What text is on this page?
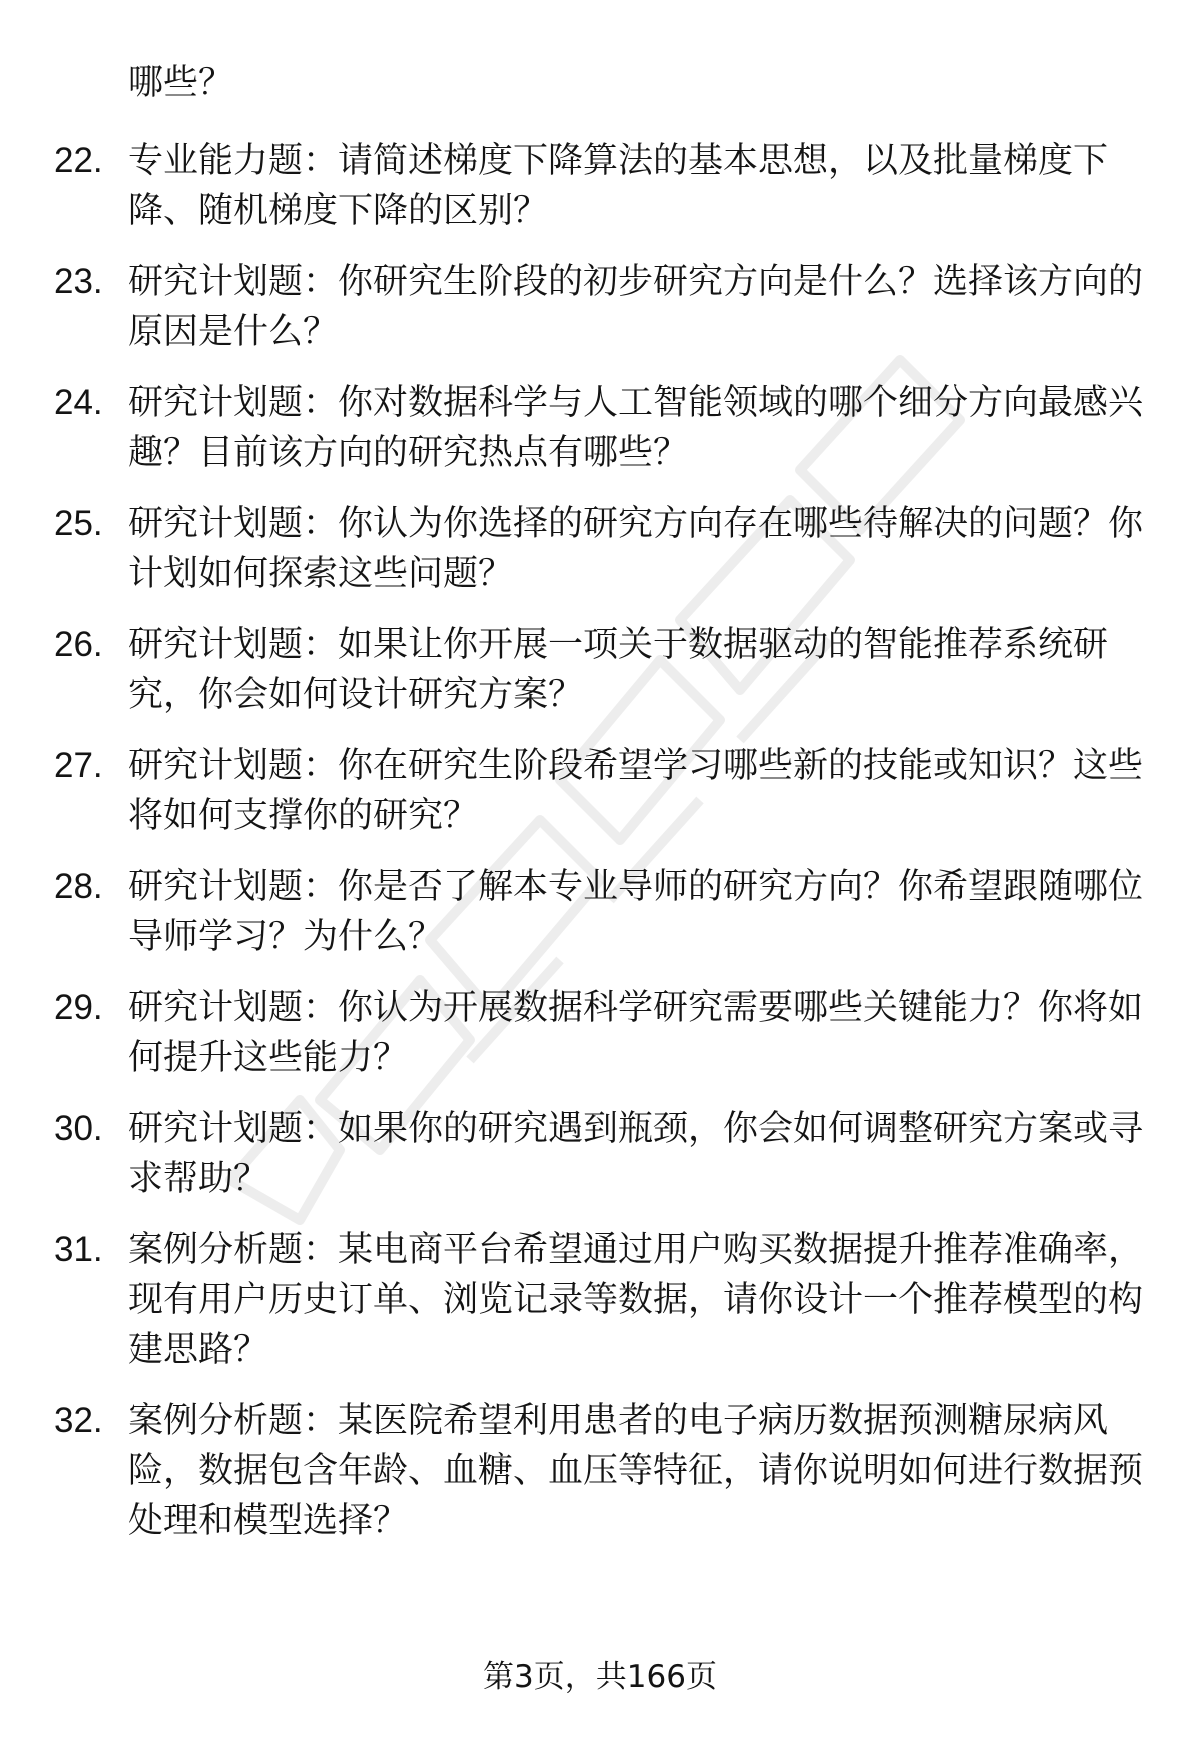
哪些？

22. 专业能力题：请简述梯度下降算法的基本思想，以及批量梯度下降、随机梯度下降的区别？
23. 研究计划题：你研究生阶段的初步研究方向是什么？选择该方向的原因是什么？
24. 研究计划题：你对数据科学与人工智能领域的哪个细分方向最感兴趣？目前该方向的研究热点有哪些？
25. 研究计划题：你认为你选择的研究方向存在哪些待解决的问题？你计划如何探索这些问题？
26. 研究计划题：如果让你开展一项关于数据驱动的智能推荐系统研究，你会如何设计研究方案？
27. 研究计划题：你在研究生阶段希望学习哪些新的技能或知识？这些将如何支撑你的研究？
28. 研究计划题：你是否了解本专业导师的研究方向？你希望跟随哪位导师学习？为什么？
29. 研究计划题：你认为开展数据科学研究需要哪些关键能力？你将如何提升这些能力？
30. 研究计划题：如果你的研究遇到瓶颈，你会如何调整研究方案或寻求帮助？
31. 案例分析题：某电商平台希望通过用户购买数据提升推荐准确率，现有用户历史订单、浏览记录等数据，请你设计一个推荐模型的构建思路？
32. 案例分析题：某医院希望利用患者的电子病历数据预测糖尿病风险，数据包含年龄、血糖、血压等特征，请你说明如何进行数据预处理和模型选择？
第3页，共166页
